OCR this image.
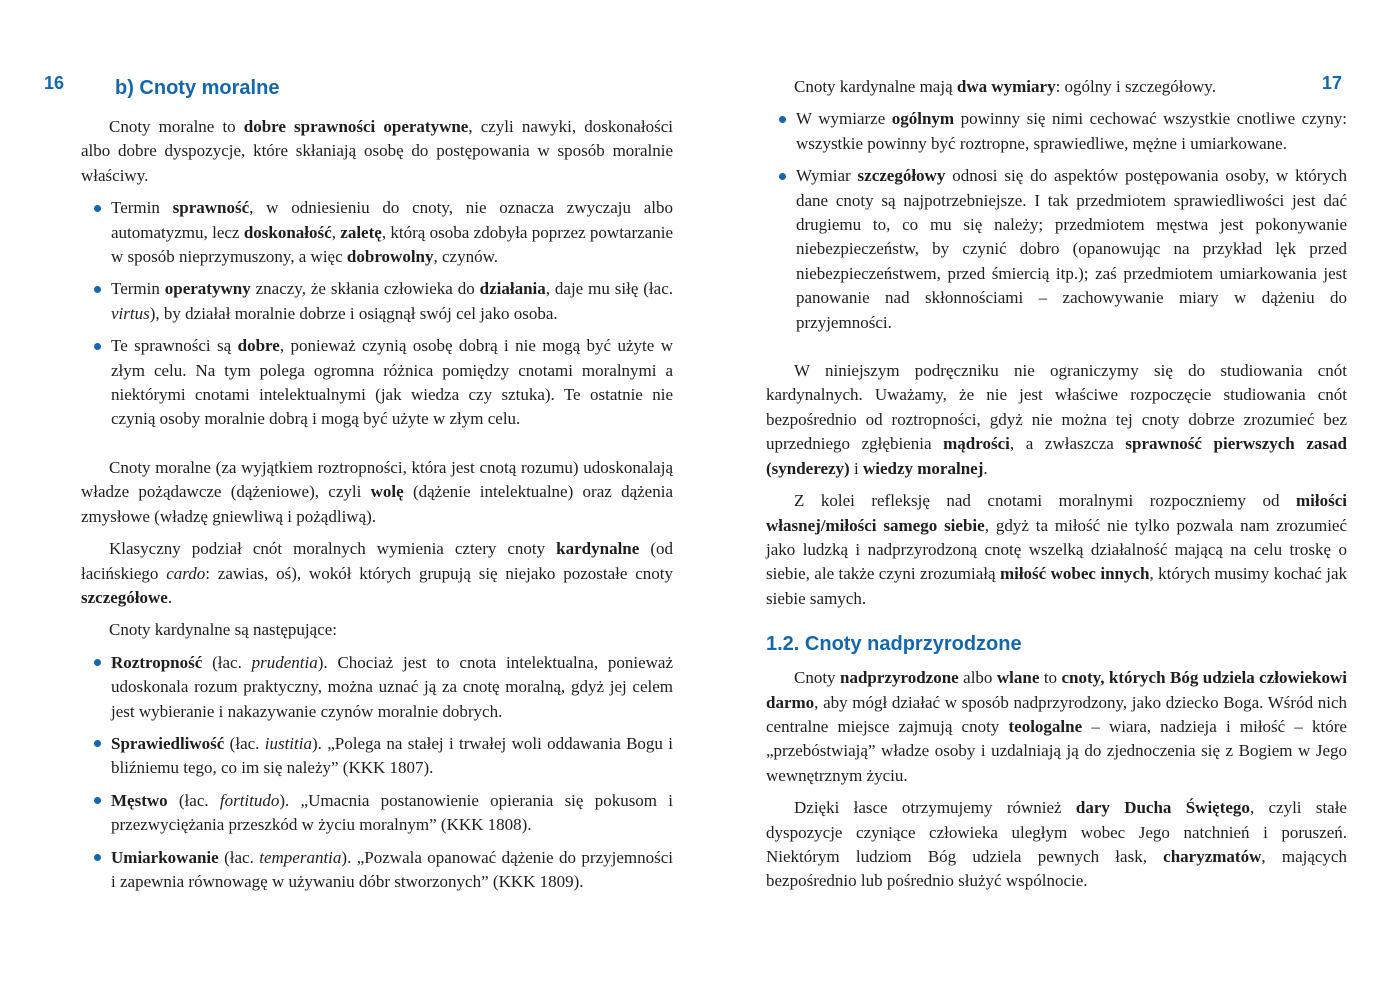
16	17
b) Cnoty moralne

Cnoty moralne to dobre sprawności operatywne, czyli nawyki, doskonałości albo dobre dyspozycje, które skłaniają osobę do postępowania w sposób moralnie właściwy.

Termin sprawność, w odniesieniu do cnoty, nie oznacza zwyczaju albo automatyzmu, lecz doskonałość, zaletę, którą osoba zdobyła poprzez powtarzanie w sposób nieprzymuszony, a więc dobrowolny, czynów.
Termin operatywny znaczy, że skłania człowieka do działania, daje mu siłę (łac. virtus), by działał moralnie dobrze i osiągnął swój cel jako osoba.
Te sprawności są dobre, ponieważ czynią osobę dobrą i nie mogą być użyte w złym celu. Na tym polega ogromna różnica pomiędzy cnotami moralnymi a niektórymi cnotami intelektualnymi (jak wiedza czy sztuka). Te ostatnie nie czynią osoby moralnie dobrą i mogą być użyte w złym celu.

Cnoty moralne (za wyjątkiem roztropności, która jest cnotą rozumu) udoskonalają władze pożądawcze (dążeniowe), czyli wolę (dążenie intelektualne) oraz dążenia zmysłowe (władzę gniewliwą i pożądliwą).

Klasyczny podział cnót moralnych wymienia cztery cnoty kardynalne (od łacińskiego cardo: zawias, oś), wokół których grupują się niejako pozostałe cnoty szczegółowe.

Cnoty kardynalne są następujące:

Roztropność (łac. prudentia). Chociaż jest to cnota intelektualna, ponieważ udoskonala rozum praktyczny, można uznać ją za cnotę moralną, gdyż jej celem jest wybieranie i nakazywanie czynów moralnie dobrych.
Sprawiedliwość (łac. iustitia). „Polega na stałej i trwałej woli oddawania Bogu i bliźniemu tego, co im się należy” (KKK 1807).
Męstwo (łac. fortitudo). „Umacnia postanowienie opierania się pokusom i przezwyciężania przeszkód w życiu moralnym” (KKK 1808).
Umiarkowanie (łac. temperantia). „Pozwala opanować dążenie do przyjemności i zapewnia równowagę w używaniu dóbr stworzonych” (KKK 1809).

Cnoty kardynalne mają dwa wymiary: ogólny i szczegółowy.

W wymiarze ogólnym powinny się nimi cechować wszystkie cnotliwe czyny: wszystkie powinny być roztropne, sprawiedliwe, mężne i umiarkowane.
Wymiar szczegółowy odnosi się do aspektów postępowania osoby, w których dane cnoty są najpotrzebniejsze. I tak przedmiotem sprawiedliwości jest dać drugiemu to, co mu się należy; przedmiotem męstwa jest pokonywanie niebezpieczeństw, by czynić dobro (opanowując na przykład lęk przed niebezpieczeństwem, przed śmiercią itp.); zaś przedmiotem umiarkowania jest panowanie nad skłonnościami – zachowywanie miary w dążeniu do przyjemności.

W niniejszym podręczniku nie ograniczymy się do studiowania cnót kardynalnych. Uważamy, że nie jest właściwe rozpoczęcie studiowania cnót bezpośrednio od roztropności, gdyż nie można tej cnoty dobrze zrozumieć bez uprzedniego zgłębienia mądrości, a zwłaszcza sprawność pierwszych zasad (synderezy) i wiedzy moralnej.

Z kolei refleksję nad cnotami moralnymi rozpoczniemy od miłości własnej/miłości samego siebie, gdyż ta miłość nie tylko pozwala nam zrozumieć jako ludzką i nadprzyrodzoną cnotę wszelką działalność mającą na celu troskę o siebie, ale także czyni zrozumiałą miłość wobec innych, których musimy kochać jak siebie samych.

1.2. Cnoty nadprzyrodzone

Cnoty nadprzyrodzone albo wlane to cnoty, których Bóg udziela człowiekowi darmo, aby mógł działać w sposób nadprzyrodzony, jako dziecko Boga. Wśród nich centralne miejsce zajmują cnoty teologalne – wiara, nadzieja i miłość – które „przebóstwiają” władze osoby i uzdalniają ją do zjednoczenia się z Bogiem w Jego wewnętrznym życiu.

Dzięki łasce otrzymujemy również dary Ducha Świętego, czyli stałe dyspozycje czyniące człowieka uległym wobec Jego natchnień i poruszeń. Niektórym ludziom Bóg udziela pewnych łask, charyzmatów, mających bezpośrednio lub pośrednio służyć wspólnocie.
